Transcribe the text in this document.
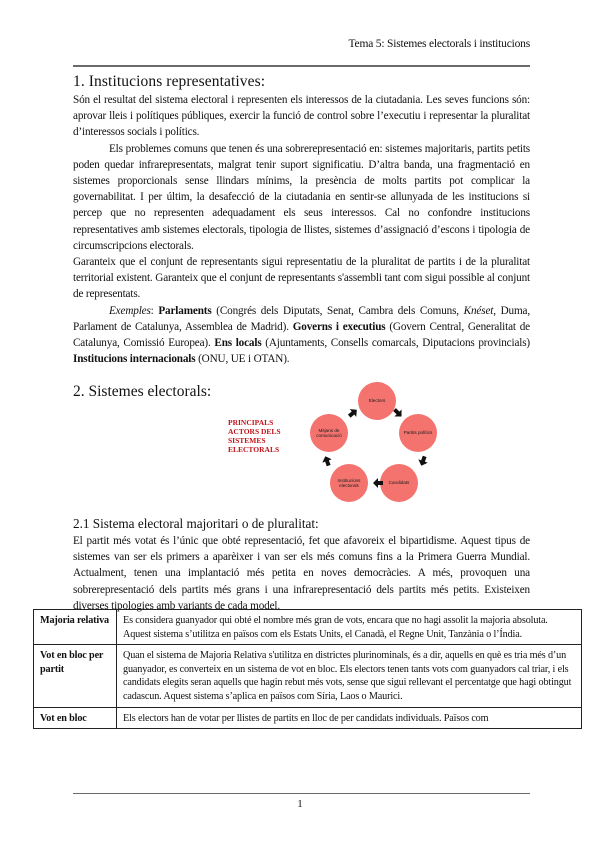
Tema 5: Sistemes electorals i institucions
1. Institucions representatives:

Són el resultat del sistema electoral i representen els interessos de la ciutadania. Les seves funcions són: aprovar lleis i polítiques públiques, exercir la funció de control sobre l’executiu i representar la pluralitat d’interessos socials i polítics.

Els problemes comuns que tenen és una sobrerepresentació en: sistemes majoritaris, partits petits poden quedar infrarepresentats, malgrat tenir suport significatiu. D’altra banda, una fragmentació en sistemes proporcionals sense llindars mínims, la presència de molts partits pot complicar la governabilitat. I per últim, la desafecció de la ciutadania en sentir-se allunyada de les institucions si percep que no representen adequadament els seus interessos. Cal no confondre institucions representatives amb sistemes electorals, tipologia de llistes, sistemes d’assignació d’escons i tipologia de circumscripcions electorals.

Garanteix que el conjunt de representants sigui representatiu de la pluralitat de partits i de la pluralitat territorial existent. Garanteix que el conjunt de representants s'assembli tant com sigui possible al conjunt de representats.

Exemples: Parlaments (Congrés dels Diputats, Senat, Cambra dels Comuns, Knéset, Duma, Parlament de Catalunya, Assemblea de Madrid). Governs i executius (Govern Central, Generalitat de Catalunya, Comissió Europea). Ens locals (Ajuntaments, Consells comarcals, Diputacions provincials) Institucions internacionals (ONU, UE i OTAN).

2. Sistemes electorals:
PRINCIPALS
ACTORS DELS
SISTEMES
ELECTORALS
Electors
Partits polítics
Candidats
Institucions electorals
Mitjans de comunicació
2.1 Sistema electoral majoritari o de pluralitat:

El partit més votat és l’únic que obté representació, fet que afavoreix el bipartidisme. Aquest tipus de sistemes van ser els primers a aparèixer i van ser els més comuns fins a la Primera Guerra Mundial. Actualment, tenen una implantació més petita en noves democràcies. A més, provoquen una sobrerepresentació dels partits més grans i una infrarepresentació dels partits més petits. Existeixen diverses tipologies amb variants de cada model.

Majoria relativa	Es considera guanyador qui obté el nombre més gran de vots, encara que no hagi assolit la majoria absoluta. Aquest sistema s’utilitza en països com els Estats Units, el Canadà, el Regne Unit, Tanzània o l’Índia.
Vot en bloc per partit	Quan el sistema de Majoria Relativa s'utilitza en districtes plurinominals, és a dir, aquells en què es tria més d’un guanyador, es converteix en un sistema de vot en bloc. Els electors tenen tants vots com guanyadors cal triar, i els candidats elegits seran aquells que hagin rebut més vots, sense que sigui rellevant el percentatge que hagi obtingut cadascun. Aquest sistema s’aplica en països com Síria, Laos o Maurici.
Vot en bloc	Els electors han de votar per llistes de partits en lloc de per candidats individuals. Països com
1
